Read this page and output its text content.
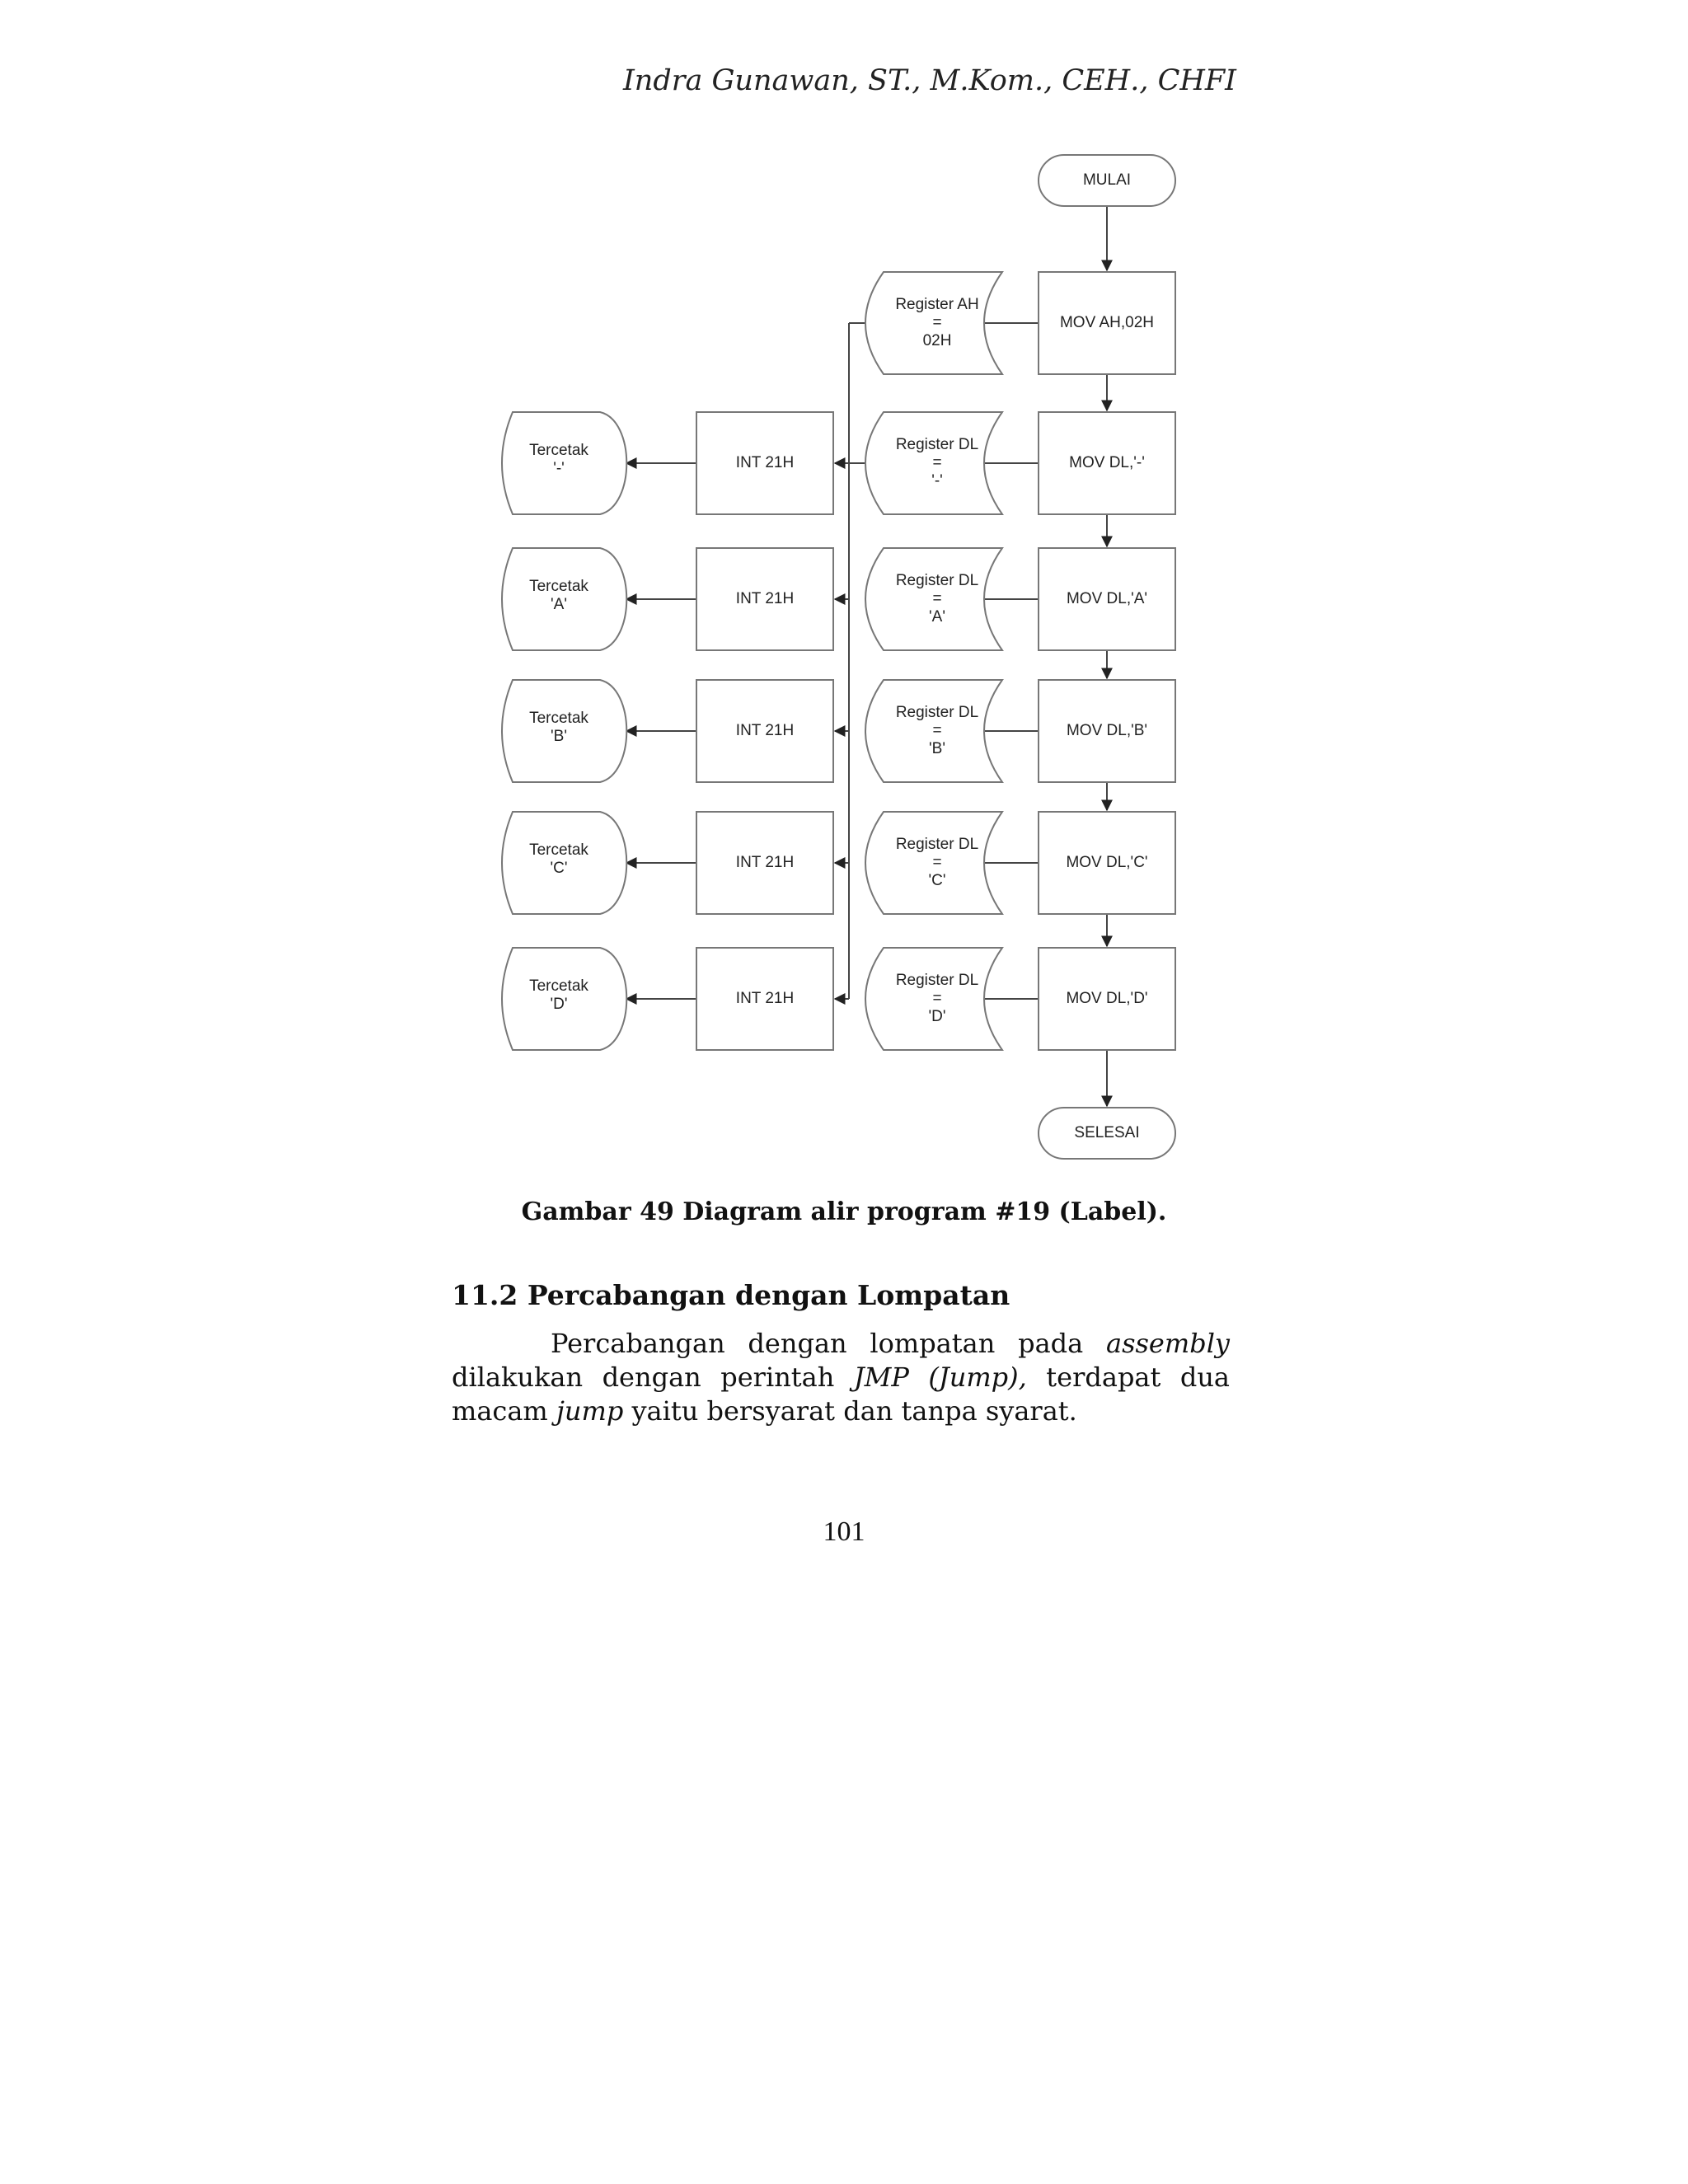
Indra Gunawan, ST., M.Kom., CEH., CHFI
MULAI
SELESAI
MOV AH,02H
Register AH
=
02H
MOV DL,'-'
Register DL
=
'-'
INT 21H
Tercetak
'-'
MOV DL,'A'
Register DL
=
'A'
INT 21H
Tercetak
'A'
MOV DL,'B'
Register DL
=
'B'
INT 21H
Tercetak
'B'
MOV DL,'C'
Register DL
=
'C'
INT 21H
Tercetak
'C'
MOV DL,'D'
Register DL
=
'D'
INT 21H
Tercetak
'D'
Gambar 49 Diagram alir program #19 (Label).
11.2 Percabangan dengan Lompatan

Percabangan dengan lompatan pada assembly dilakukan dengan perintah JMP (Jump), terdapat dua macam jump yaitu bersyarat dan tanpa syarat.

101
